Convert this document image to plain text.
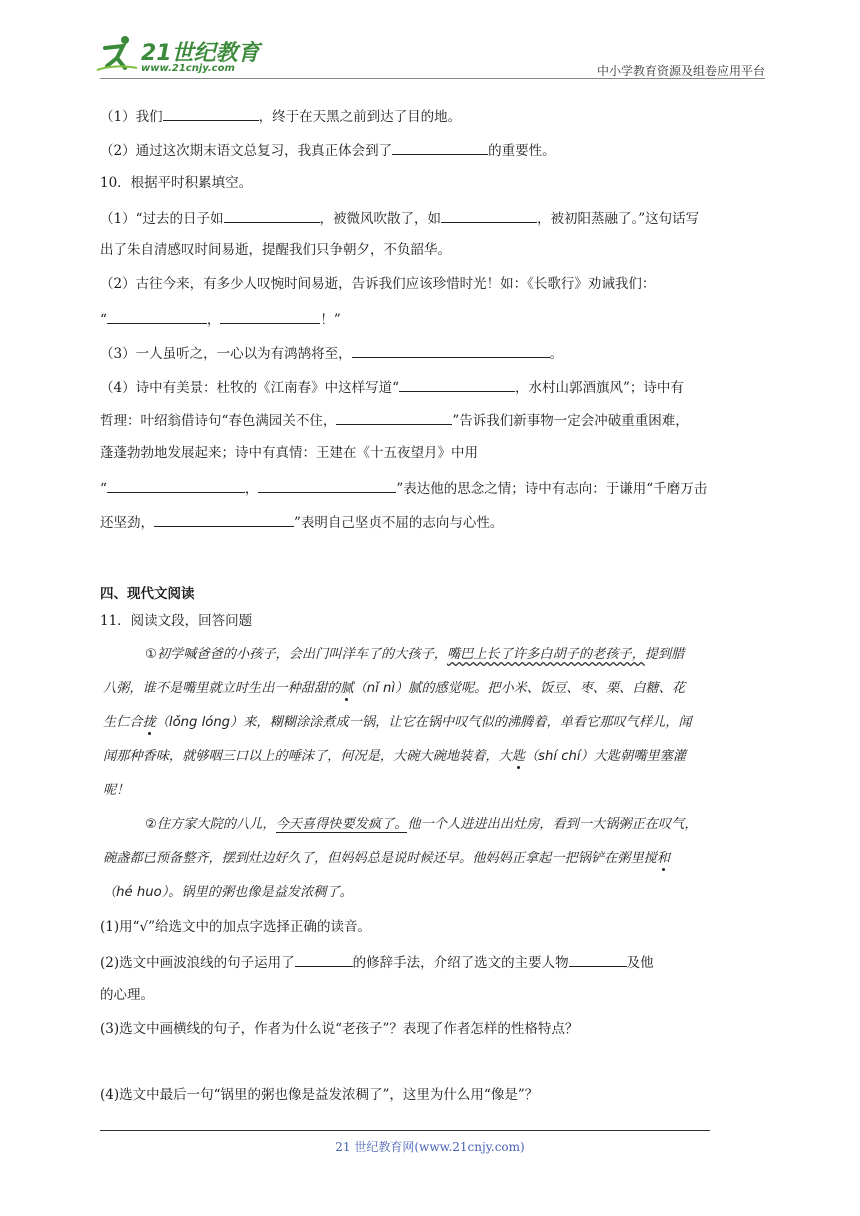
21世纪教育
www.21cnjy.com	中小学教育资源及组卷应用平台
（1）我们	，终于在天黑之前到达了目的地。
（2）通过这次期末语文总复习，我真正体会到了	的重要性。
10．根据平时积累填空。
（1）“过去的日子如	，被微风吹散了，如	，被初阳蒸融了。”这句话写
出了朱自清感叹时间易逝，提醒我们只争朝夕，不负韶华。
（2）古往今来，有多少人叹惋时间易逝，告诉我们应该珍惜时光！如：《长歌行》劝诫我们：
“	，	！”
（3）一人虽听之，一心以为有鸿鹄将至，	。
（4）诗中有美景：杜牧的《江南春》中这样写道“	，水村山郭酒旗风”；诗中有
哲理：叶绍翁借诗句“春色满园关不住，	”告诉我们新事物一定会冲破重重困难，
蓬蓬勃勃地发展起来；诗中有真情：王建在《十五夜望月》中用
“	，	”表达他的思念之情；诗中有志向：于谦用“千磨万击
还坚劲，	”表明自己坚贞不屈的志向与心性。
四、现代文阅读
11．阅读文段，回答问题
①初学喊爸爸的小孩子，会出门叫洋车了的大孩子，嘴巴上长了许多白胡子的老孩子，提到腊
八粥，谁不是嘴里就立时生出一种甜甜的腻（nǐ nì）腻的感觉呢。把小米、饭豆、枣、栗、白糖、花
生仁合拢（lǒng lóng）来，糊糊涂涂煮成一锅，让它在锅中叹气似的沸腾着，单看它那叹气样儿，闻
闻那种香味，就够咽三口以上的唾沫了，何况是，大碗大碗地装着，大匙（shí chí）大匙朝嘴里塞灌
呢！
②住方家大院的八儿，今天喜得快要发疯了。他一个人进进出出灶房，看到一大锅粥正在叹气，
碗盏都已预备整齐，摆到灶边好久了，但妈妈总是说时候还早。他妈妈正拿起一把锅铲在粥里搅和
（hé huo）。锅里的粥也像是益发浓稠了。
(1)用“√”给选文中的加点字选择正确的读音。
(2)选文中画波浪线的句子运用了	的修辞手法，介绍了选文的主要人物	及他
的心理。
(3)选文中画横线的句子，作者为什么说“老孩子”？表现了作者怎样的性格特点？
(4)选文中最后一句“锅里的粥也像是益发浓稠了”，这里为什么用“像是”？
21 世纪教育网(www.21cnjy.com)
